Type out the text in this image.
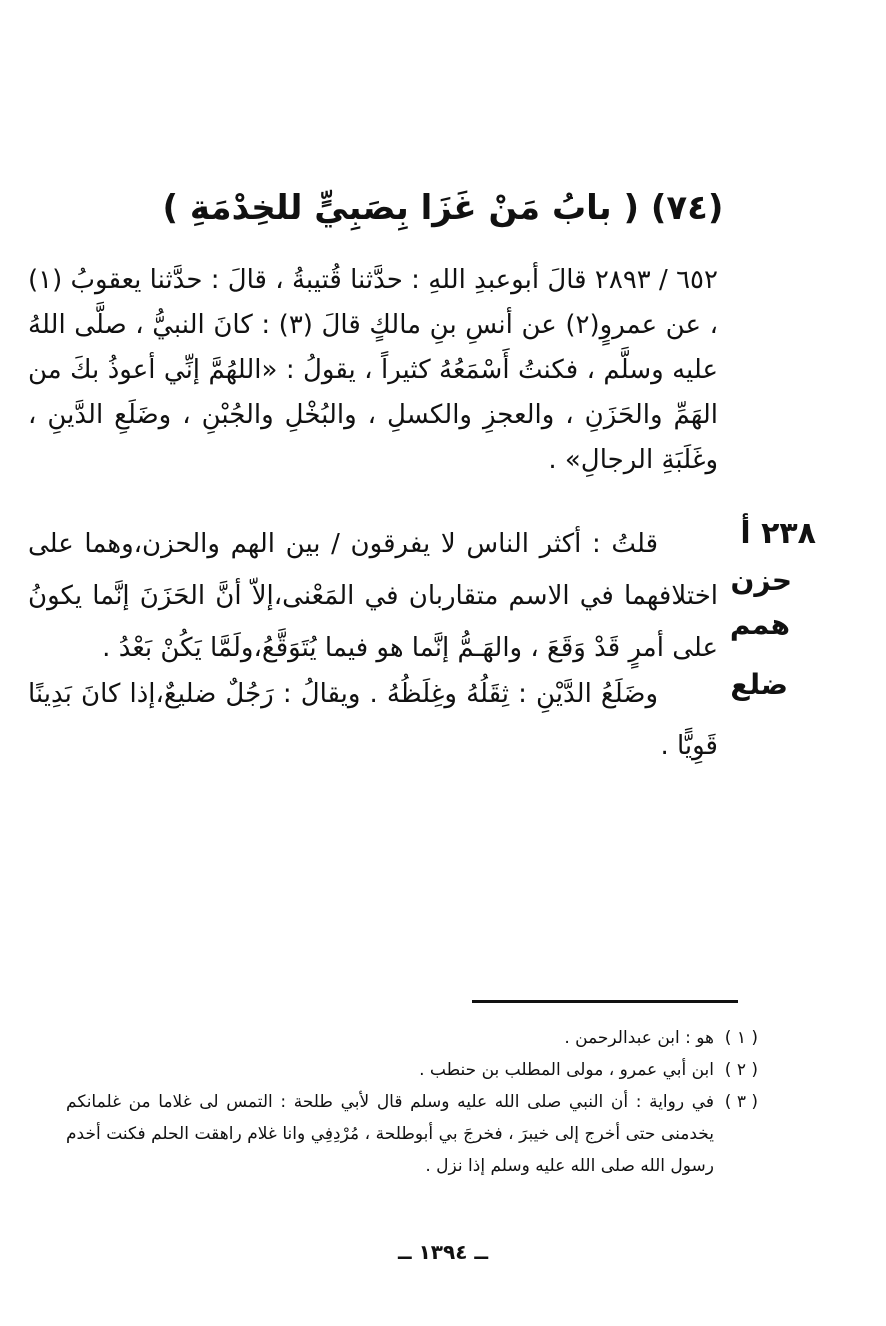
(٧٤) ( بابُ مَنْ غَزَا بِصَبِيٍّ للخِدْمَةِ )

٦٥٢ / ٢٨٩٣ قالَ أبوعبدِ اللهِ : حدَّثنا قُتيبةُ ، قالَ : حدَّثنا يعقوبُ (١) ، عن عمروٍ(٢) عن أنسِ بنِ مالكٍ قالَ (٣) : كانَ النبيُّ ، صلَّى اللهُ عليه وسلَّم ، فكنتُ أَسْمَعُهُ كثيراً ، يقولُ : «اللهُمَّ إنِّي أعوذُ بكَ من الهَمِّ والحَزَنِ ، والعجزِ والكسلِ ، والبُخْلِ والجُبْنِ ، وضَلَعِ الدَّينِ ، وغَلَبَةِ الرجالِ» .

٢٣٨ أ
حزن
همم
ضلع
قلتُ : أكثر الناس لا يفرقون / بين الهم والحزن،وهما على اختلافهما في الاسم متقاربان في المَعْنى،إلاّ أنَّ الحَزَنَ إنَّما يكونُ على أمرٍ قَدْ وَقَعَ ، والهَـمُّ إنَّما هو فيما يُتَوَقَّعُ،ولَمَّا يَكُنْ بَعْدُ .
وضَلَعُ الدَّيْنِ : ثِقَلُهُ وغِلَظُهُ . ويقالُ : رَجُلٌ ضليعٌ،إذا كانَ بَدِينًا قَوِيًّا .
( ١ )
هو : ابن عبدالرحمن .
( ٢ )
ابن أبي عمرو ، مولى المطلب بن حنطب .
( ٣ )
في رواية : أن النبي صلى الله عليه وسلم قال لأبي طلحة : التمس لى غلاما من غلمانكم يخدمنى حتى أخرج إلى خيبرَ ، فخرجَ بي أبوطلحة ، مُرْدِفِي وانا غلام راهقت الحلم فكنت أخدم رسول الله صلى الله عليه وسلم إذا نزل .
ــ ١٣٩٤ ــ
